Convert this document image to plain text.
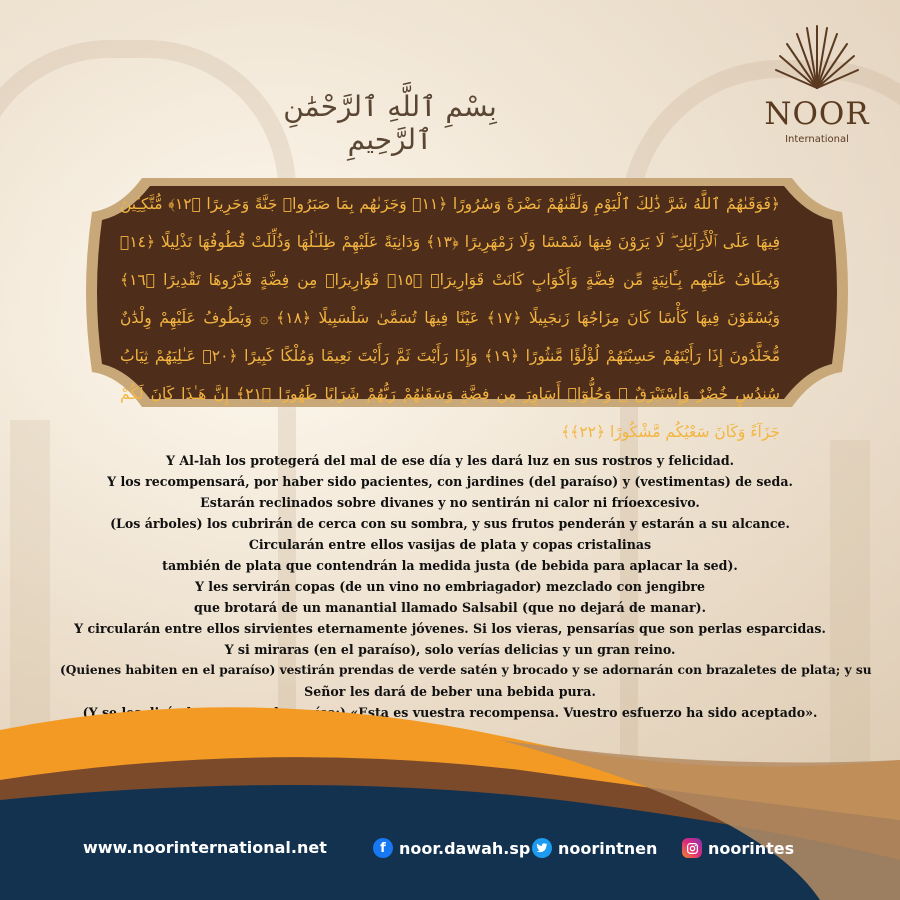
بِسْمِ ٱللَّهِ ٱلرَّحْمَٰنِ ٱلرَّحِيمِ
NOOR
International
﴿فَوَقَىٰهُمُ ٱللَّهُ شَرَّ ذَٰلِكَ ٱلْيَوْمِ وَلَقَّىٰهُمْ نَضْرَةً وَسُرُورًا ﴿١١﴾ وَجَزَىٰهُم بِمَا صَبَرُوا۟ جَنَّةً وَحَرِيرًا ﴿١٢﴾ مُّتَّكِـِٔينَ فِيهَا عَلَى ٱلْأَرَآئِكِ ۖ لَا يَرَوْنَ فِيهَا شَمْسًا وَلَا زَمْهَرِيرًا ﴿١٣﴾ وَدَانِيَةً عَلَيْهِمْ ظِلَـٰلُهَا وَذُلِّلَتْ قُطُوفُهَا تَذْلِيلًا ﴿١٤﴾ وَيُطَافُ عَلَيْهِم بِـَٔانِيَةٍ مِّن فِضَّةٍ وَأَكْوَابٍ كَانَتْ قَوَارِيرَا۠ ﴿١٥﴾ قَوَارِيرَا۟ مِن فِضَّةٍ قَدَّرُوهَا تَقْدِيرًا ﴿١٦﴾ وَيُسْقَوْنَ فِيهَا كَأْسًا كَانَ مِزَاجُهَا زَنجَبِيلًا ﴿١٧﴾ عَيْنًا فِيهَا تُسَمَّىٰ سَلْسَبِيلًا ﴿١٨﴾ ۞ وَيَطُوفُ عَلَيْهِمْ وِلْدَٰنٌ مُّخَلَّدُونَ إِذَا رَأَيْتَهُمْ حَسِبْتَهُمْ لُؤْلُؤًا مَّنثُورًا ﴿١٩﴾ وَإِذَا رَأَيْتَ ثَمَّ رَأَيْتَ نَعِيمًا وَمُلْكًا كَبِيرًا ﴿٢٠﴾ عَـٰلِيَهُمْ ثِيَابُ سُندُسٍ خُضْرٌ وَإِسْتَبْرَقٌ ۖ وَحُلُّوٓا۟ أَسَاوِرَ مِن فِضَّةٍ وَسَقَىٰهُمْ رَبُّهُمْ شَرَابًا طَهُورًا ﴿٢١﴾ إِنَّ هَـٰذَا كَانَ لَكُمْ جَزَآءً وَكَانَ سَعْيُكُم مَّشْكُورًا ﴿٢٢﴾﴾
Y Al-lah los protegerá del mal de ese día y les dará luz en sus rostros y felicidad.
Y los recompensará, por haber sido pacientes, con jardines (del paraíso) y (vestimentas) de seda.
Estarán reclinados sobre divanes y no sentirán ni calor ni fríoexcesivo.
(Los árboles) los cubrirán de cerca con su sombra, y sus frutos penderán y estarán a su alcance.
Circularán entre ellos vasijas de plata y copas cristalinas
también de plata que contendrán la medida justa (de bebida para aplacar la sed).
Y les servirán copas (de un vino no embriagador) mezclado con jengibre
que brotará de un manantial llamado Salsabil (que no dejará de manar).
Y circularán entre ellos sirvientes eternamente jóvenes. Si los vieras, pensarías que son perlas esparcidas.
Y si miraras (en el paraíso), solo verías delicias y un gran reino.
(Quienes habiten en el paraíso) vestirán prendas de verde satén y brocado y se adornarán con brazaletes de plata; y su
Señor les dará de beber una bebida pura.
(Y se les dirá al entrar en el paraíso:) «Esta es vuestra recompensa. Vuestro esfuerzo ha sido aceptado».
www.noorinternational.net	f noor.dawah.sp noorintnen	noorintes
